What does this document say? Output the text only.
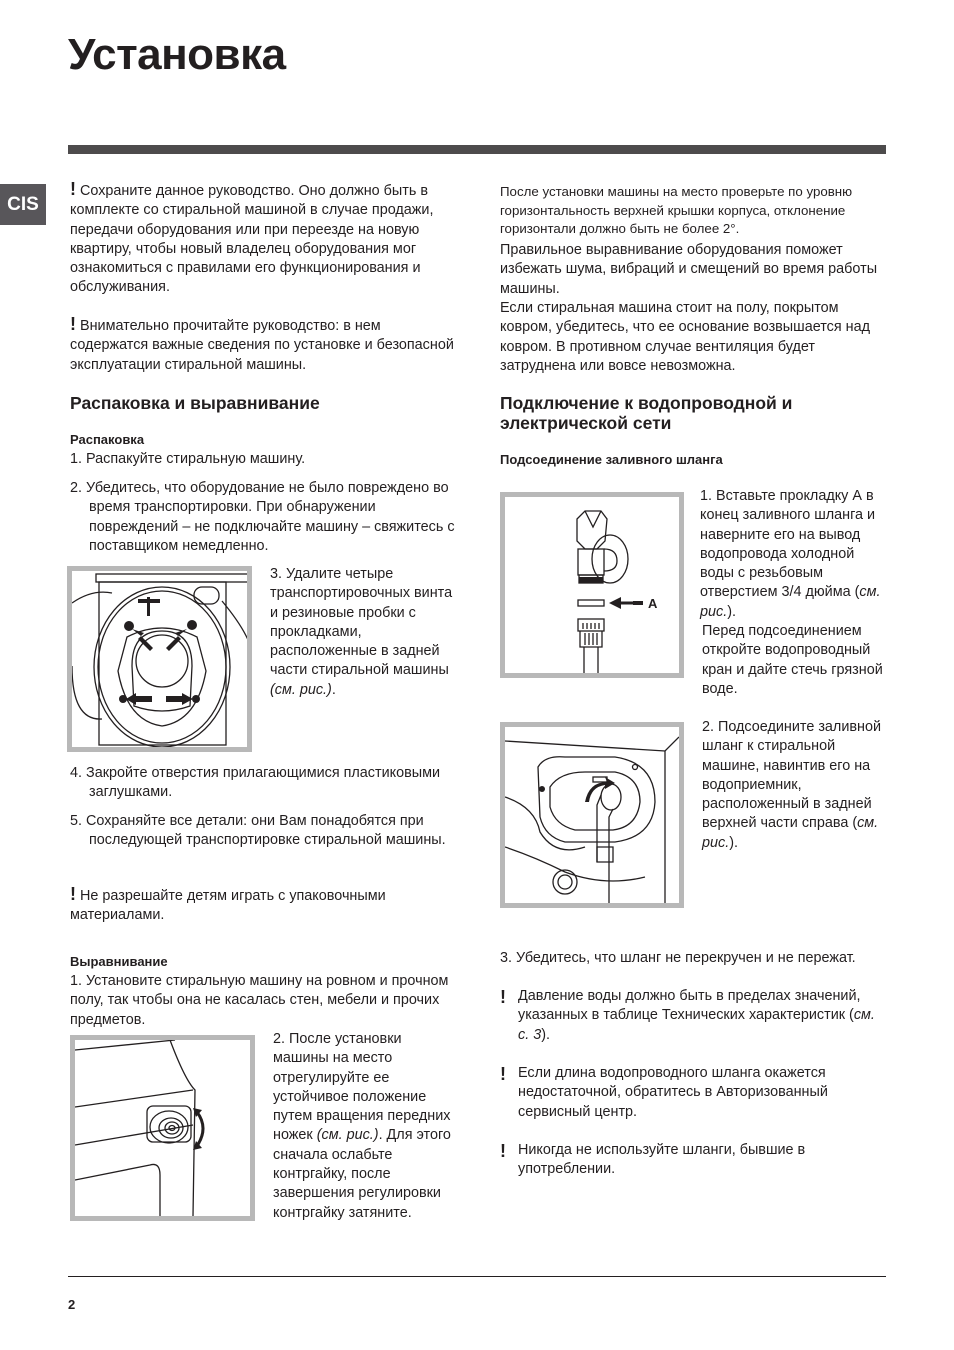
Установка
CIS

! Сохраните данное руководство. Оно должно быть в комплекте со стиральной машиной в случае продажи, передачи оборудования или при переезде на новую квартиру, чтобы новый владелец оборудования мог ознакомиться с правилами его функционирования и обслуживания.

! Внимательно прочитайте руководство: в нем содержатся важные сведения по установке и безопасной эксплуатации стиральной машины.

Распаковка и выравнивание
Распаковка
1. Распакуйте стиральную машину.
2. Убедитесь, что оборудование не было повреждено во время транспортировки. При обнаружении повреждений – не подключайте машину – свяжитесь с поставщиком немедленно.
3. Удалите четыре транспортировочных винта и резиновые пробки с прокладками, расположенные в задней части стиральной машины (см. рис.).
4. Закройте отверстия прилагающимися пластиковыми заглушками.
5. Сохраняйте все детали: они Вам понадобятся при последующей транспортировке стиральной машины.
! Не разрешайте детям играть с упаковочными материалами.
Выравнивание
1. Установите стиральную машину на ровном и прочном полу, так чтобы она не касалась стен, мебели и прочих предметов.
2. После установки машины на место отрегулируйте ее устойчивое положение путем вращения передних ножек (см. рис.). Для этого сначала ослабьте контргайку, после завершения регулировки контргайку затяните.
После установки машины на место проверьте по уровню горизонтальность верхней крышки корпуса, отклонение горизонтали должно быть не более 2°.
Правильное выравнивание оборудования поможет избежать шума, вибраций и смещений во время работы машины.
Если стиральная машина стоит на полу, покрытом ковром, убедитесь, что ее основание возвышается над ковром. В противном случае вентиляция будет затруднена или вовсе невозможна.
Подключение к водопроводной и электрической сети
Подсоединение заливного шланга
A
1. Вставьте прокладку А в конец заливного шланга и наверните его на вывод водопровода холодной воды с резьбовым отверстием 3/4 дюйма (см. рис.).
Перед подсоединением откройте водопроводный кран и дайте стечь грязной воде.
2. Подсоедините заливной шланг к стиральной машине, навинтив его на водоприемник, расположенный в задней верхней части справа (см. рис.).
3. Убедитесь, что шланг не перекручен и не пережат.
! Давление воды должно быть в пределах значений, указанных в таблице Технических характеристик (см. с. 3).
! Если длина водопроводного шланга окажется недостаточной, обратитесь в Авторизованный сервисный центр.
! Никогда не используйте шланги, бывшие в употреблении.
2
